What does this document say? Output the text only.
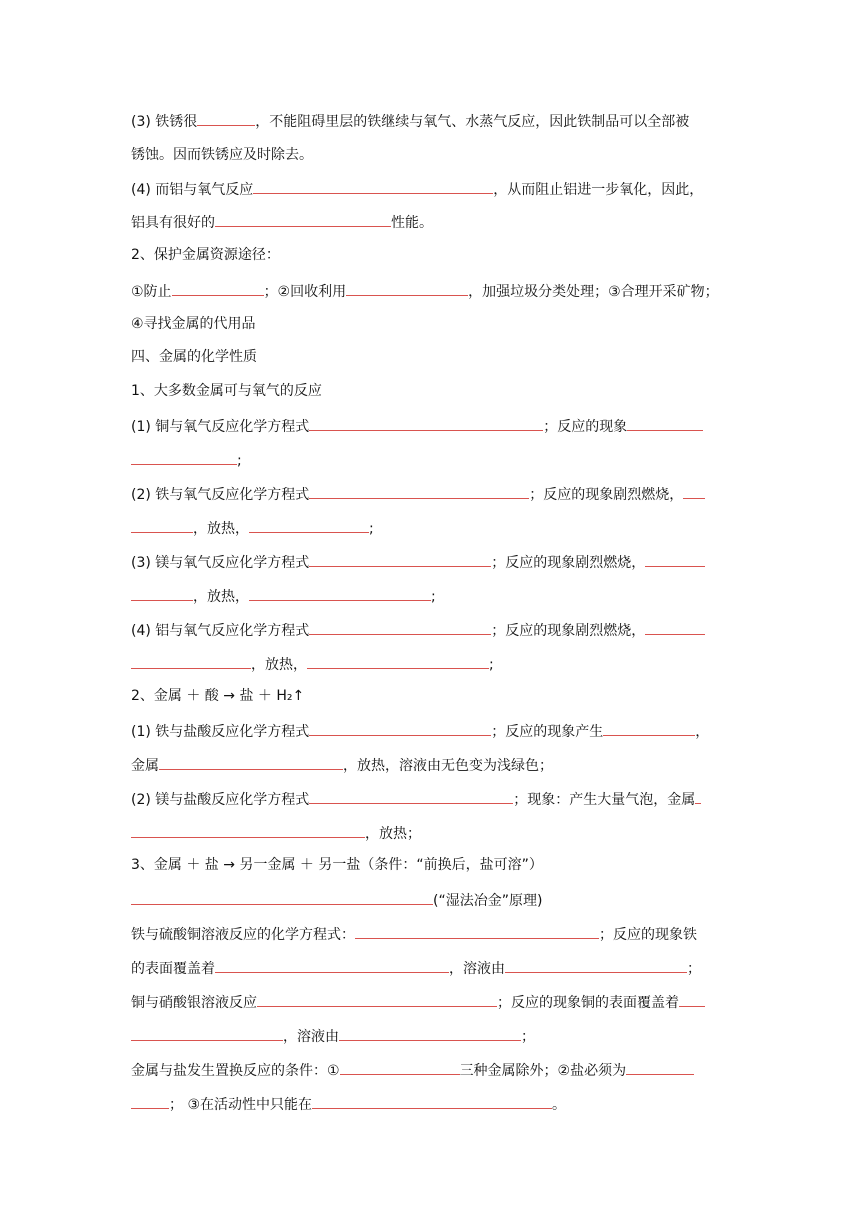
(3) 铁锈很	，不能阻碍里层的铁继续与氧气、水蒸气反应，因此铁制品可以全部被
锈蚀。因而铁锈应及时除去。
(4) 而铝与氧气反应	，从而阻止铝进一步氧化，因此，
铝具有很好的	性能。
2、保护金属资源途径：
①防止	；②回收利用	，加强垃圾分类处理；③合理开采矿物；
④寻找金属的代用品
四、金属的化学性质
1、大多数金属可与氧气的反应
(1) 铜与氧气反应化学方程式	；反应的现象
;
(2) 铁与氧气反应化学方程式	；反应的现象剧烈燃烧，
，放热，	;
(3) 镁与氧气反应化学方程式	；反应的现象剧烈燃烧，
，放热，	;
(4) 铝与氧气反应化学方程式	；反应的现象剧烈燃烧，
，放热，	;
2、金属 ＋ 酸 → 盐 ＋ H₂↑
(1) 铁与盐酸反应化学方程式	；反应的现象产生	，
金属	，放热，溶液由无色变为浅绿色；
(2) 镁与盐酸反应化学方程式	；现象：产生大量气泡，金属
，放热；
3、金属 ＋ 盐 → 另一金属 ＋ 另一盐（条件：“前换后，盐可溶”）
(“湿法冶金”原理)
铁与硫酸铜溶液反应的化学方程式：	；反应的现象铁
的表面覆盖着	，溶液由	；
铜与硝酸银溶液反应	；反应的现象铜的表面覆盖着
，溶液由	；
金属与盐发生置换反应的条件：①	三种金属除外；②盐必须为
； ③在活动性中只能在	。
